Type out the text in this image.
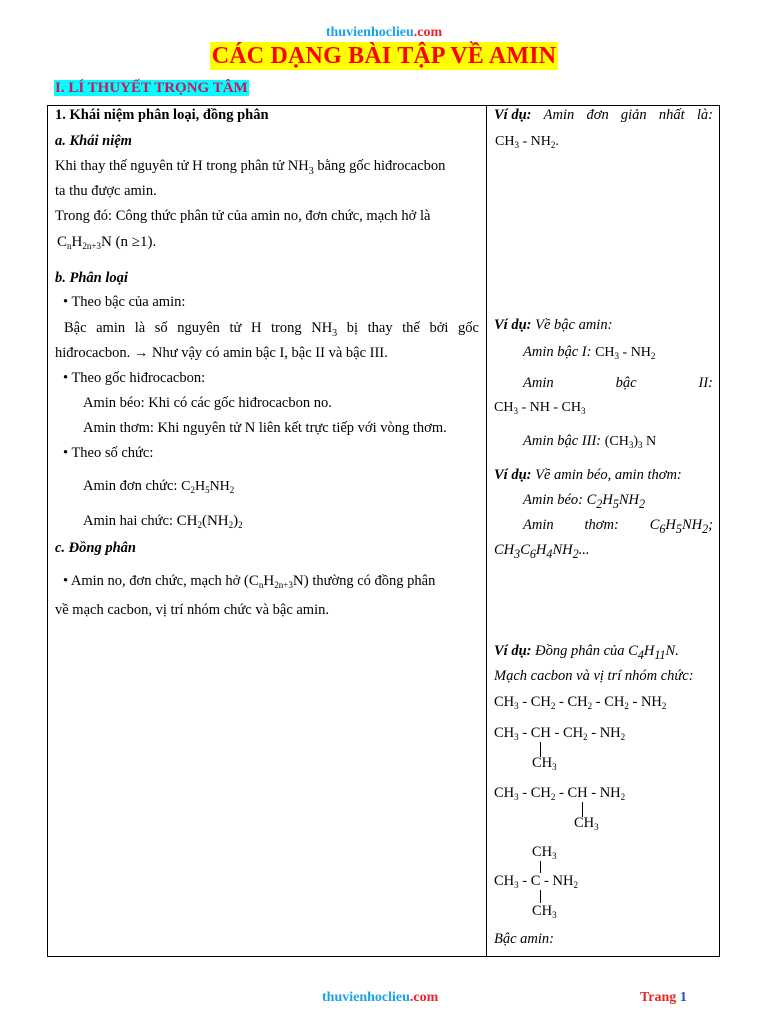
thuvienhoclieu.com
CÁC DẠNG BÀI TẬP VỀ AMIN
I. LÍ THUYẾT TRỌNG TÂM
1. Khái niệm phân loại, đồng phân
a. Khái niệm
Khi thay thế nguyên tử H trong phân tử $NH_3$ bằng gốc hiđrocacbon
ta thu được amin.
Trong đó: Công thức phân tử của amin no, đơn chức, mạch hở là
$C_nH_{2n+3}N$ (n ≥1).
b. Phân loại
• Theo bậc của amin:
Bậc amin là số nguyên tử H trong $NH_3$ bị thay thế bởi gốc
hiđrocacbon. → Như vậy có amin bậc I, bậc II và bậc III.
• Theo gốc hiđrocacbon:
Amin béo: Khi có các gốc hiđrocacbon no.
Amin thơm: Khi nguyên tử N liên kết trực tiếp với vòng thơm.
• Theo số chức:
Amin đơn chức: $C_2H_5NH_2$
Amin hai chức: $CH_2(NH_2)_2$
c. Đồng phân
• Amin no, đơn chức, mạch hở $(C_nH_{2n+3}N)$ thường có đồng phân
về mạch cacbon, vị trí nhóm chức và bậc amin.

Ví dụ: Amin đơn giản nhất là:
$CH_3 - NH_2$.
Ví dụ: Về bậc amin:
Amin bậc I: $CH_3 - NH_2$
Amin	bậc	II:
$CH_3$ - NH - $CH_3$
Amin bậc III: $(CH_3)_3$ N
Ví dụ: Về amin béo, amin thơm:
Amin béo: $C_2H_5NH_2$
Amin thơm: $C_6H_5NH_2$;
$CH_3C_6H_4NH_2$...
Ví dụ: Đồng phân của $C_4H_{11}N$.
Mạch cacbon và vị trí nhóm chức:
$CH_3 - CH_2 - CH_2 - CH_2 - NH_2$
$CH_3$ - CH - $CH_2 - NH_2$
$CH_3$
$CH_3 - CH_2$ - CH - $NH_2$
$CH_3$
$CH_3$
$CH_3$ - C - $NH_2$
$CH_3$
Bậc amin:
thuvienhoclieu.com	Trang 1
